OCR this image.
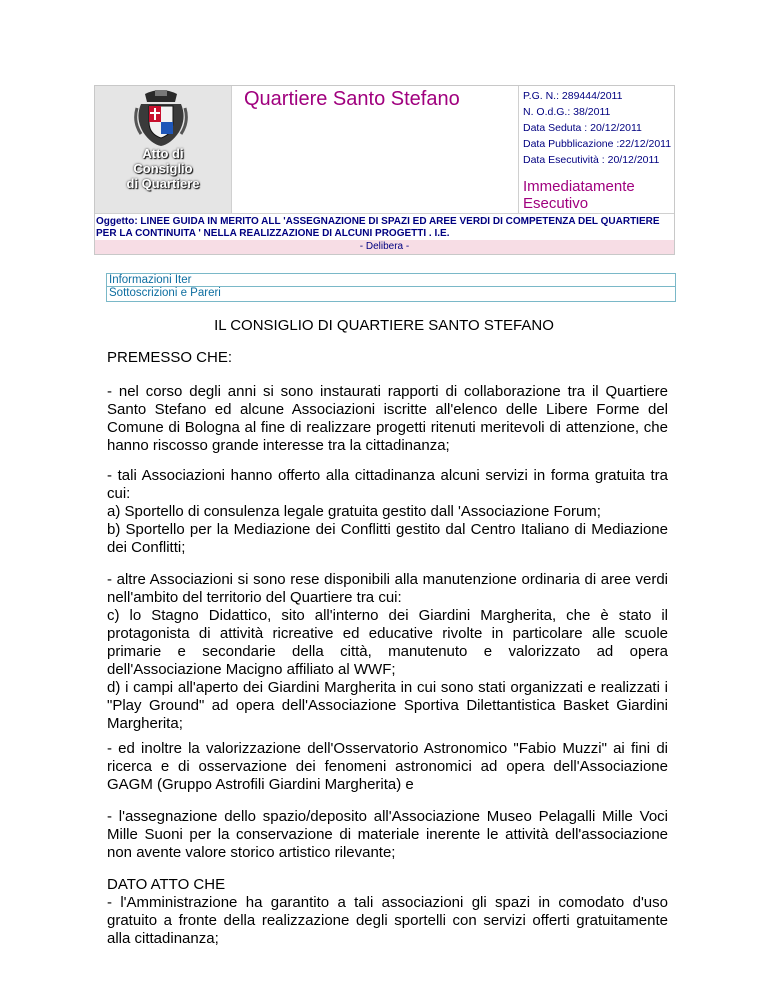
Atto di
Consiglio
di Quartiere
Quartiere Santo Stefano	P.G. N.: 289444/2011
N. O.d.G.: 38/2011
Data Seduta : 20/12/2011
Data Pubblicazione :22/12/2011
Data Esecutività : 20/12/2011
Immediatamente
Esecutivo
Oggetto: LINEE GUIDA IN MERITO ALL 'ASSEGNAZIONE DI SPAZI ED AREE VERDI DI COMPETENZA DEL QUARTIERE PER LA CONTINUITA ' NELLA REALIZZAZIONE DI ALCUNI PROGETTI . I.E.
- Delibera -
Informazioni Iter
Sottoscrizioni e Pareri
IL CONSIGLIO DI QUARTIERE SANTO STEFANO
PREMESSO CHE:
- nel corso degli anni si sono instaurati rapporti di collaborazione tra il Quartiere
Santo Stefano ed alcune Associazioni iscritte all'elenco delle Libere Forme del
Comune di Bologna al fine di realizzare progetti ritenuti meritevoli di attenzione, che
hanno riscosso grande interesse tra la cittadinanza;
- tali Associazioni hanno offerto alla cittadinanza alcuni servizi in forma gratuita tra
cui:
a) Sportello di consulenza legale gratuita gestito dall 'Associazione Forum;
b) Sportello per la Mediazione dei Conflitti gestito dal Centro Italiano di Mediazione
dei Conflitti;
- altre Associazioni si sono rese disponibili alla manutenzione ordinaria di aree verdi
nell'ambito del territorio del Quartiere tra cui:
c) lo Stagno Didattico, sito all'interno dei Giardini Margherita, che è stato il
protagonista di attività ricreative ed educative rivolte in particolare alle scuole
primarie e secondarie della città, manutenuto e valorizzato ad opera
dell'Associazione Macigno affiliato al WWF;
d) i campi all'aperto dei Giardini Margherita in cui sono stati organizzati e realizzati i
"Play Ground" ad opera dell'Associazione Sportiva Dilettantistica Basket Giardini
Margherita;
- ed inoltre la valorizzazione dell'Osservatorio Astronomico "Fabio Muzzi" ai fini di
ricerca e di osservazione dei fenomeni astronomici ad opera dell'Associazione
GAGM (Gruppo Astrofili Giardini Margherita) e
- l'assegnazione dello spazio/deposito all'Associazione Museo Pelagalli Mille Voci
Mille Suoni per la conservazione di materiale inerente le attività dell'associazione
non avente valore storico artistico rilevante;
DATO ATTO CHE
- l'Amministrazione ha garantito a tali associazioni gli spazi in comodato d'uso
gratuito a fronte della realizzazione degli sportelli con servizi offerti gratuitamente
alla cittadinanza;
